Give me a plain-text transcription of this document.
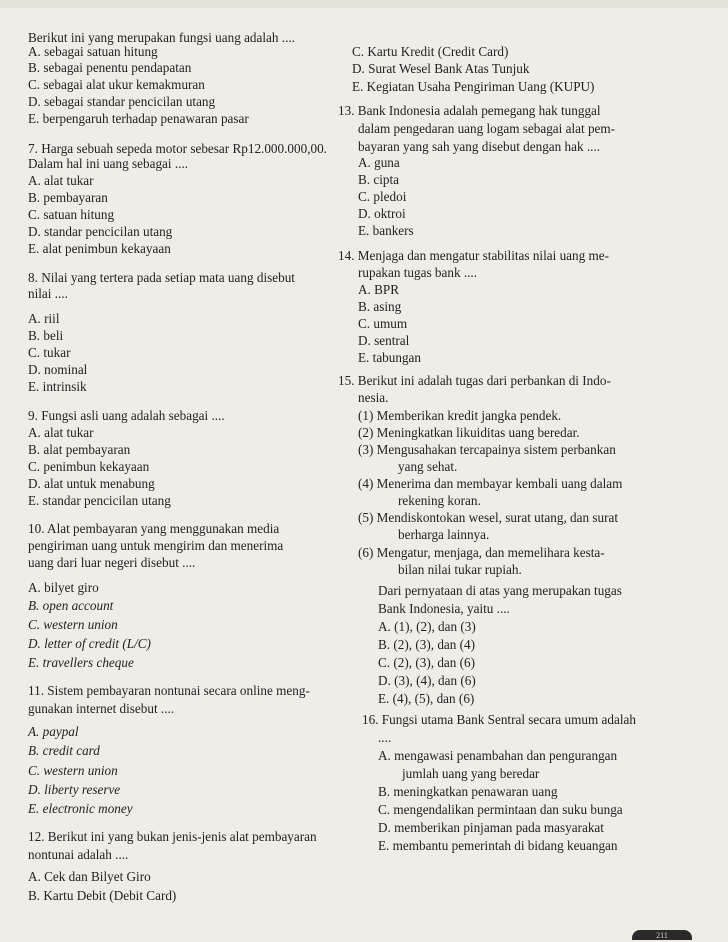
Berikut ini yang merupakan fungsi uang adalah ....
A. sebagai satuan hitung
B. sebagai penentu pendapatan
C. sebagai alat ukur kemakmuran
D. sebagai standar pencicilan utang
E. berpengaruh terhadap penawaran pasar
7. Harga sebuah sepeda motor sebesar Rp12.000.000,00.
Dalam hal ini uang sebagai ....
A. alat tukar
B. pembayaran
C. satuan hitung
D. standar pencicilan utang
E. alat penimbun kekayaan
8. Nilai yang tertera pada setiap mata uang disebut
nilai ....
A. riil
B. beli
C. tukar
D. nominal
E. intrinsik
9. Fungsi asli uang adalah sebagai ....
A. alat tukar
B. alat pembayaran
C. penimbun kekayaan
D. alat untuk menabung
E. standar pencicilan utang
10. Alat pembayaran yang menggunakan media
pengiriman uang untuk mengirim dan menerima
uang dari luar negeri disebut ....
A. bilyet giro
B. open account
C. western union
D. letter of credit (L/C)
E. travellers cheque
11. Sistem pembayaran nontunai secara online meng-
gunakan internet disebut ....
A. paypal
B. credit card
C. western union
D. liberty reserve
E. electronic money
12. Berikut ini yang bukan jenis-jenis alat pembayaran
nontunai adalah ....
A. Cek dan Bilyet Giro
B. Kartu Debit (Debit Card)
C. Kartu Kredit (Credit Card)
D. Surat Wesel Bank Atas Tunjuk
E. Kegiatan Usaha Pengiriman Uang (KUPU)
13. Bank Indonesia adalah pemegang hak tunggal
dalam pengedaran uang logam sebagai alat pem-
bayaran yang sah yang disebut dengan hak ....
A. guna
B. cipta
C. pledoi
D. oktroi
E. bankers
14. Menjaga dan mengatur stabilitas nilai uang me-
rupakan tugas bank ....
A. BPR
B. asing
C. umum
D. sentral
E. tabungan
15. Berikut ini adalah tugas dari perbankan di Indo-
nesia.
(1) Memberikan kredit jangka pendek.
(2) Meningkatkan likuiditas uang beredar.
(3) Mengusahakan tercapainya sistem perbankan
yang sehat.
(4) Menerima dan membayar kembali uang dalam
rekening koran.
(5) Mendiskontokan wesel, surat utang, dan surat
berharga lainnya.
(6) Mengatur, menjaga, dan memelihara kesta-
bilan nilai tukar rupiah.
Dari pernyataan di atas yang merupakan tugas
Bank Indonesia, yaitu ....
A. (1), (2), dan (3)
B. (2), (3), dan (4)
C. (2), (3), dan (6)
D. (3), (4), dan (6)
E. (4), (5), dan (6)
16. Fungsi utama Bank Sentral secara umum adalah
....
A. mengawasi penambahan dan pengurangan
jumlah uang yang beredar
B. meningkatkan penawaran uang
C. mengendalikan permintaan dan suku bunga
D. memberikan pinjaman pada masyarakat
E. membantu pemerintah di bidang keuangan
211
